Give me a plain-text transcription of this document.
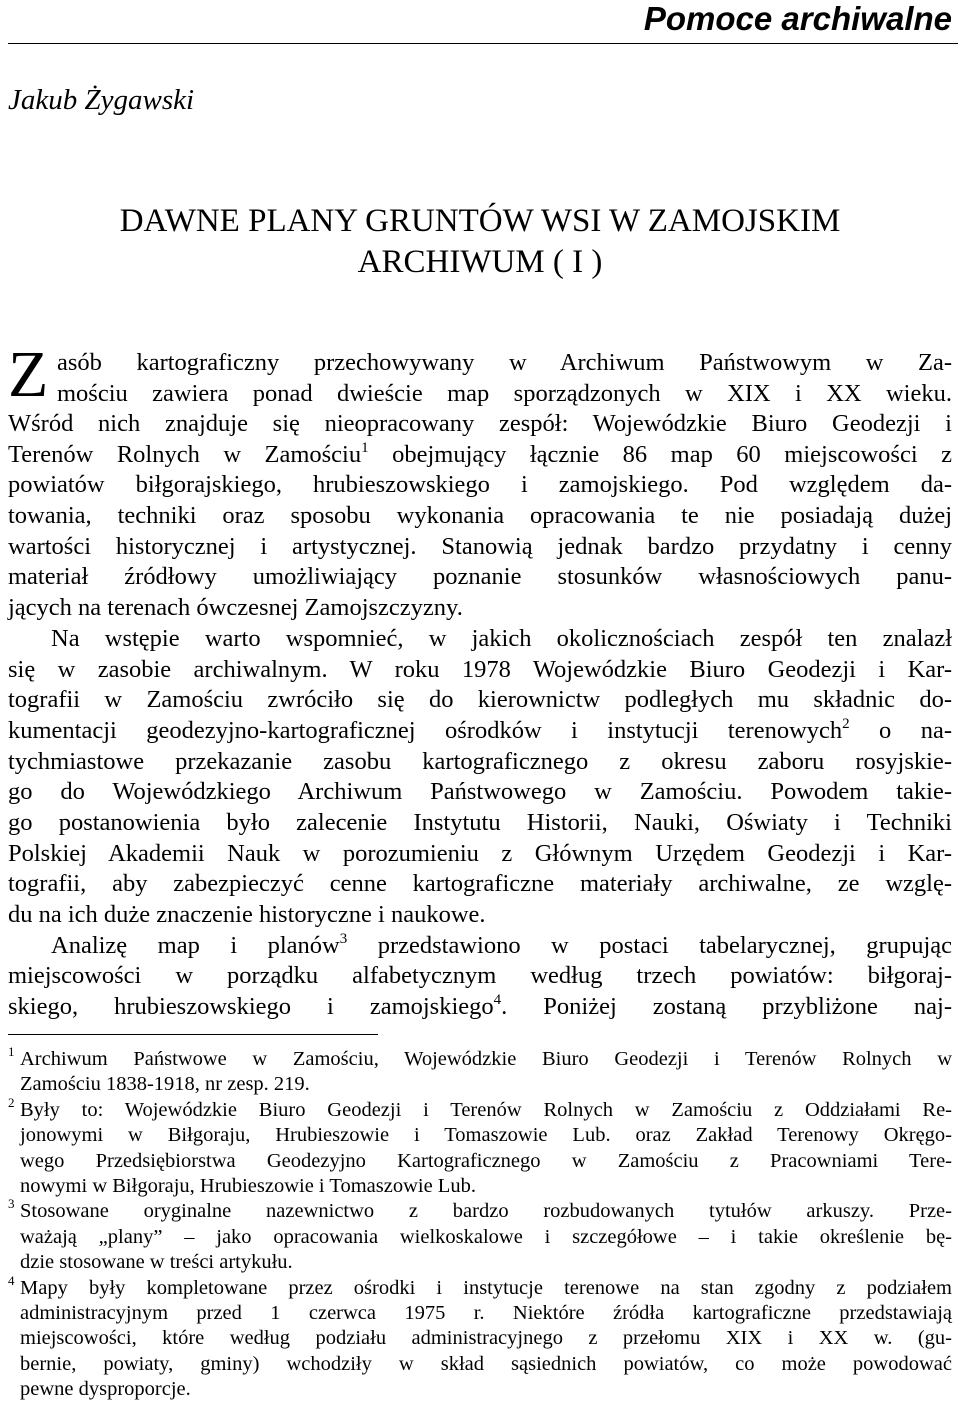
Pomoce archiwalne
Jakub Żygawski
DAWNE PLANY GRUNTÓW WSI W ZAMOJSKIM
ARCHIWUM ( I )
Z asób kartograficzny przechowywany w Archiwum Państwowym w Za-
mościu zawiera ponad dwieście map sporządzonych w XIX i XX wieku.
Wśród nich znajduje się nieopracowany zespół: Wojewódzkie Biuro Geodezji i
Terenów Rolnych w Zamościu$^1$ obejmujący łącznie 86 map 60 miejscowości z
powiatów biłgorajskiego, hrubieszowskiego i zamojskiego. Pod względem da-
towania, techniki oraz sposobu wykonania opracowania te nie posiadają dużej
wartości historycznej i artystycznej. Stanowią jednak bardzo przydatny i cenny
materiał źródłowy umożliwiający poznanie stosunków własnościowych panu-
jących na terenach ówczesnej Zamojszczyzny.
Na wstępie warto wspomnieć, w jakich okolicznościach zespół ten znalazł
się w zasobie archiwalnym. W roku 1978 Wojewódzkie Biuro Geodezji i Kar-
tografii w Zamościu zwróciło się do kierownictw podległych mu składnic do-
kumentacji geodezyjno-kartograficznej ośrodków i instytucji terenowych$^2$ o na-
tychmiastowe przekazanie zasobu kartograficznego z okresu zaboru rosyjskie-
go do Wojewódzkiego Archiwum Państwowego w Zamościu. Powodem takie-
go postanowienia było zalecenie Instytutu Historii, Nauki, Oświaty i Techniki
Polskiej Akademii Nauk w porozumieniu z Głównym Urzędem Geodezji i Kar-
tografii, aby zabezpieczyć cenne kartograficzne materiały archiwalne, ze wzglę-
du na ich duże znaczenie historyczne i naukowe.
Analizę map i planów$^3$ przedstawiono w postaci tabelarycznej, grupując
miejscowości w porządku alfabetycznym według trzech powiatów: biłgoraj-
skiego, hrubieszowskiego i zamojskiego$^4$. Poniżej zostaną przybliżone naj-
1 Archiwum Państwowe w Zamościu, Wojewódzkie Biuro Geodezji i Terenów Rolnych w
Zamościu 1838-1918, nr zesp. 219.
2 Były to: Wojewódzkie Biuro Geodezji i Terenów Rolnych w Zamościu z Oddziałami Re-
jonowymi w Biłgoraju, Hrubieszowie i Tomaszowie Lub. oraz Zakład Terenowy Okręgo-
wego Przedsiębiorstwa Geodezyjno Kartograficznego w Zamościu z Pracowniami Tere-
nowymi w Biłgoraju, Hrubieszowie i Tomaszowie Lub.
3 Stosowane oryginalne nazewnictwo z bardzo rozbudowanych tytułów arkuszy. Prze-
ważają „plany” – jako opracowania wielkoskalowe i szczegółowe – i takie określenie bę-
dzie stosowane w treści artykułu.
4 Mapy były kompletowane przez ośrodki i instytucje terenowe na stan zgodny z podziałem
administracyjnym przed 1 czerwca 1975 r. Niektóre źródła kartograficzne przedstawiają
miejscowości, które według podziału administracyjnego z przełomu XIX i XX w. (gu-
bernie, powiaty, gminy) wchodziły w skład sąsiednich powiatów, co może powodować
pewne dysproporcje.
